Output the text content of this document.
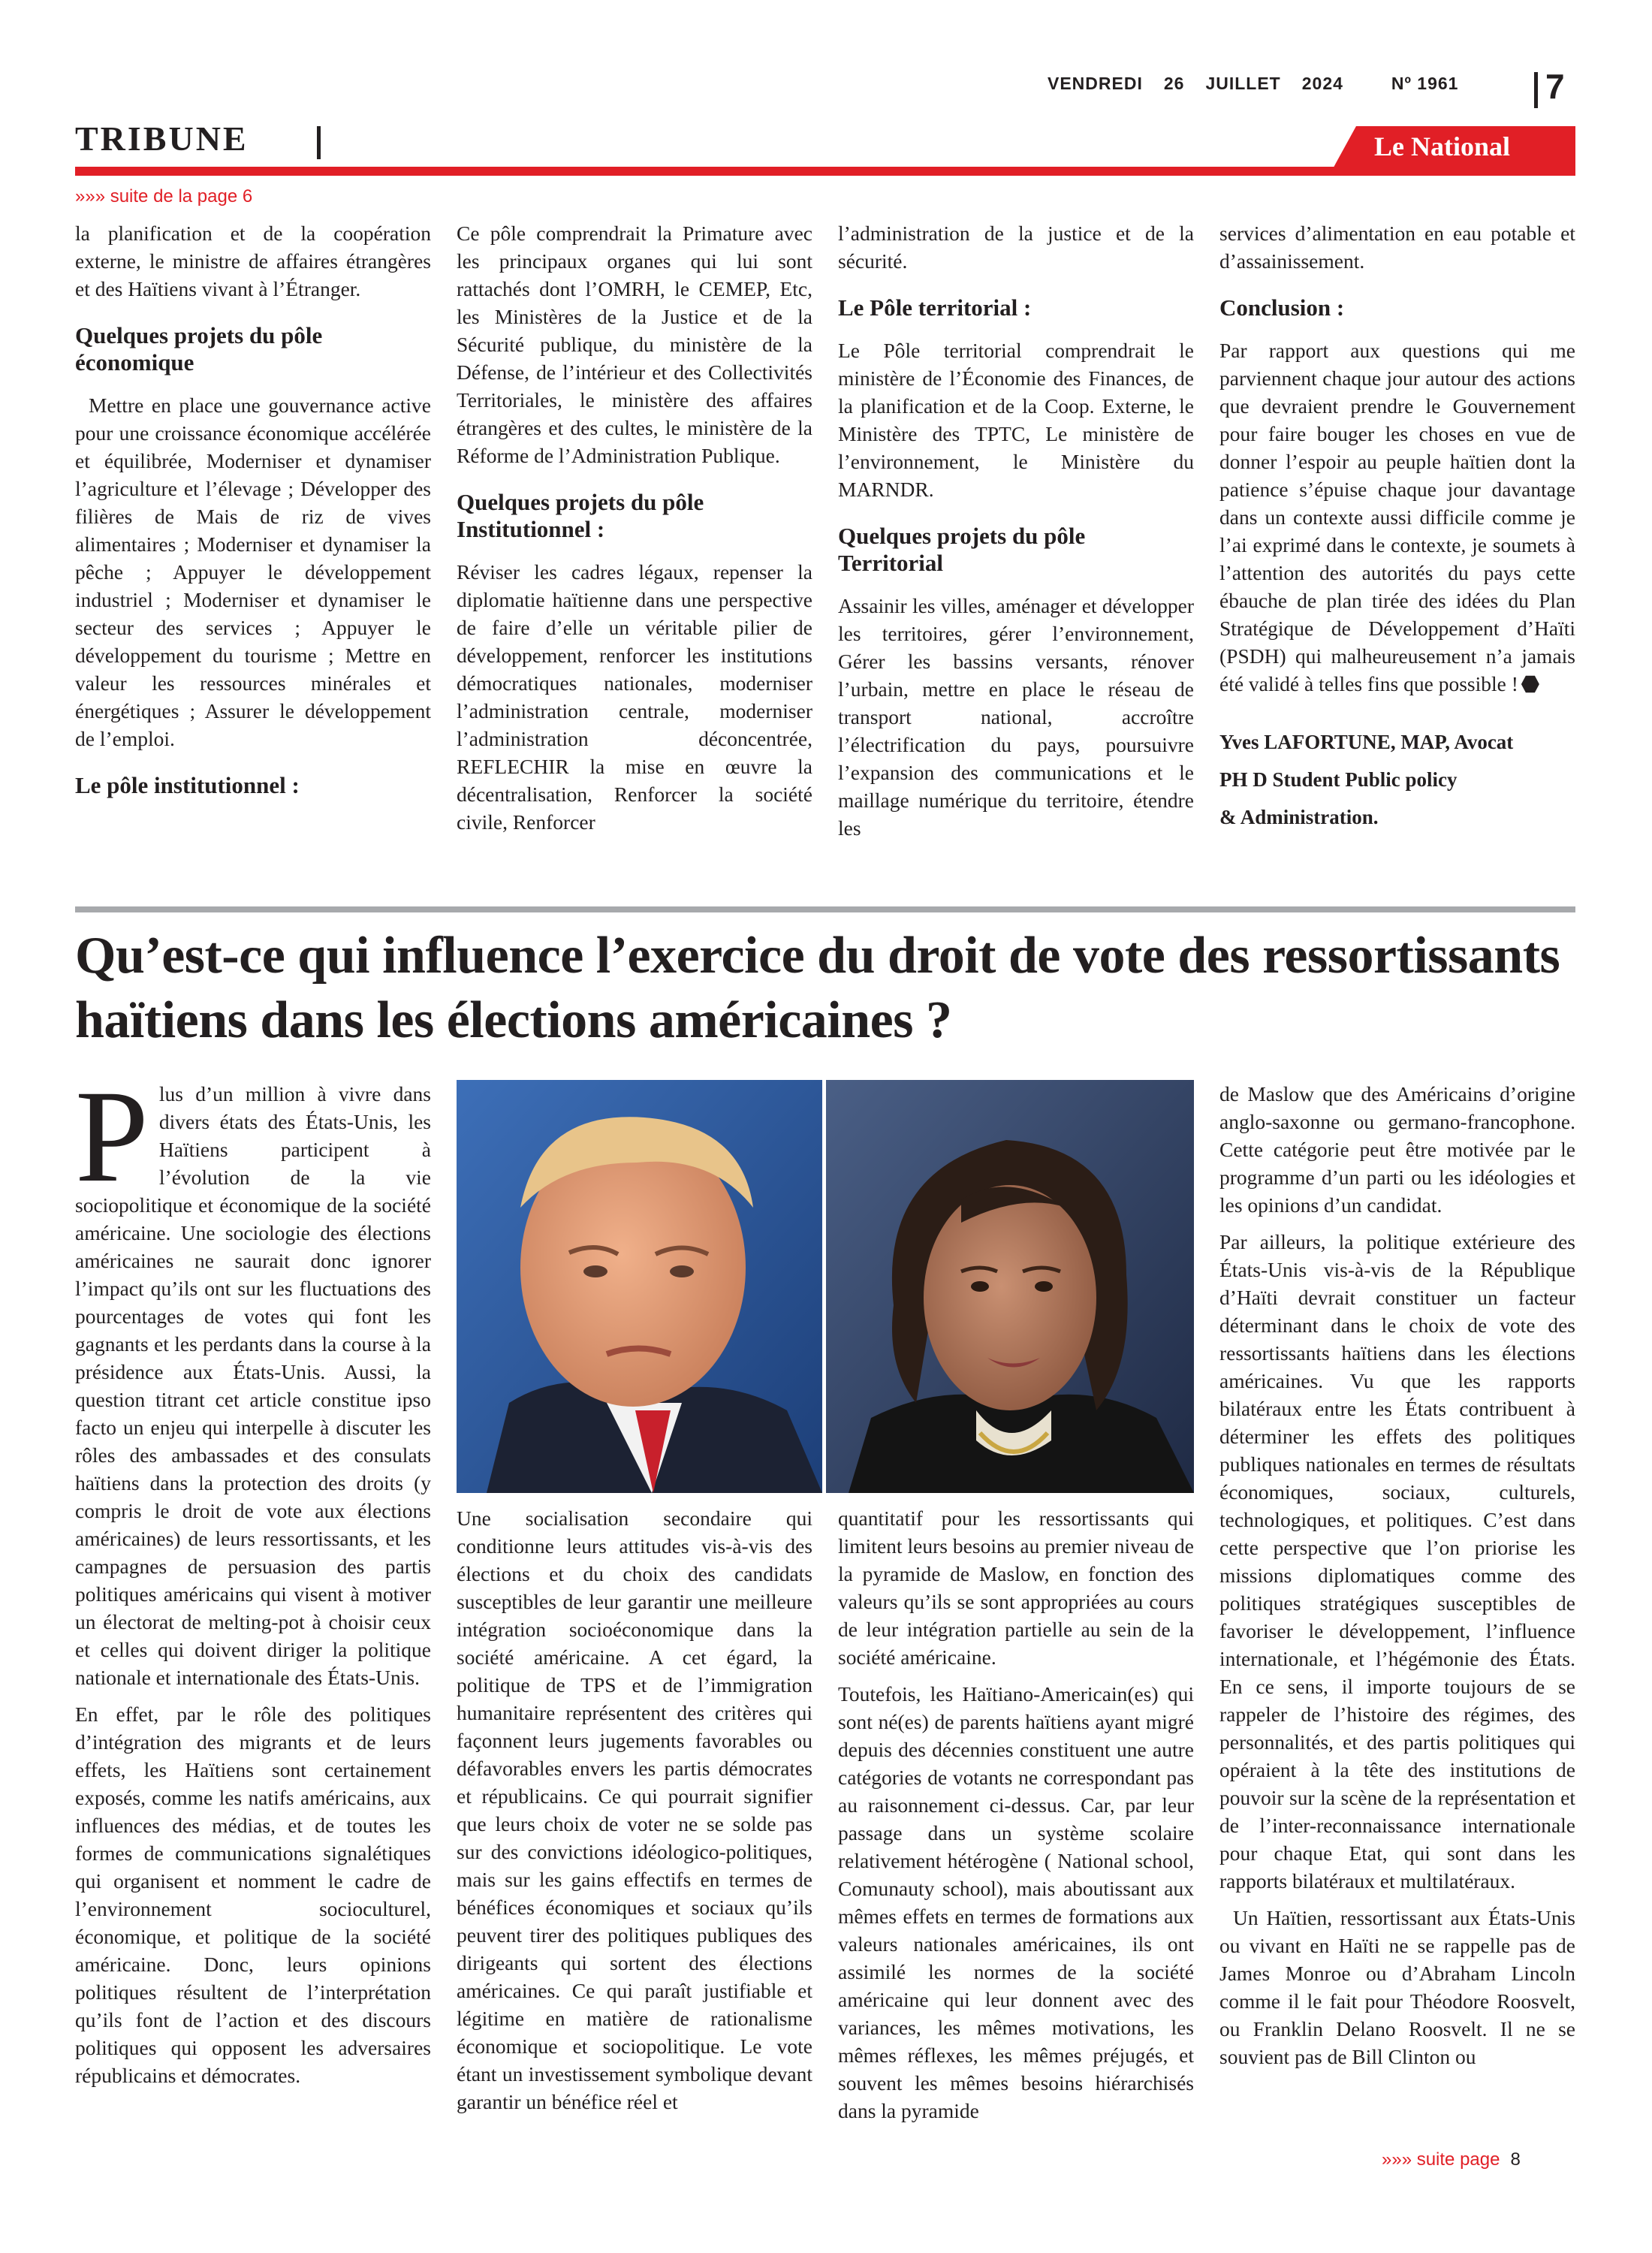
VENDREDI 26 JUILLET 2024	Nº 1961	7
TRIBUNE	Le National
»»» suite de la page 6

la planification et de la coopération externe, le ministre de affaires étrangères et des Haïtiens vivant à l’Étranger.

Quelques projets du pôle économique

Mettre en place une gouvernance active pour une croissance économique accélérée et équilibrée, Moderniser et dynamiser l’agriculture et l’élevage ; Développer des filières de Mais de riz de vives alimentaires ; Moderniser et dynamiser la pêche ; Appuyer le développement industriel ; Moderniser et dynamiser le secteur des services ; Appuyer le développement du tourisme ; Mettre en valeur les ressources minérales et énergétiques ; Assurer le développement de l’emploi.

Le pôle institutionnel :

Ce pôle comprendrait la Primature avec les principaux organes qui lui sont rattachés dont l’OMRH, le CEMEP, Etc, les Ministères de la Justice et de la Sécurité publique, du ministère de la Défense, de l’intérieur et des Collectivités Territoriales, le ministère des affaires étrangères et des cultes, le ministère de la Réforme de l’Administration Publique.

Quelques projets du pôle Institutionnel :

Réviser les cadres légaux, repenser la diplomatie haïtienne dans une perspective de faire d’elle un véritable pilier de développement, renforcer les institutions démocratiques nationales, moderniser l’administration centrale, moderniser l’administration déconcentrée, REFLECHIR la mise en œuvre la décentralisation, Renforcer la société civile, Renforcer

l’administration de la justice et de la sécurité.

Le Pôle territorial :

Le Pôle territorial comprendrait le ministère de l’Économie des Finances, de la planification et de la Coop. Externe, le Ministère des TPTC, Le ministère de l’environnement, le Ministère du MARNDR.

Quelques projets du pôle Territorial

Assainir les villes, aménager et développer les territoires, gérer l’environnement, Gérer les bassins versants, rénover l’urbain, mettre en place le réseau de transport national, accroître l’électrification du pays, poursuivre l’expansion des communications et le maillage numérique du territoire, étendre les

services d’alimentation en eau potable et d’assainissement.

Conclusion :

Par rapport aux questions qui me parviennent chaque jour autour des actions que devraient prendre le Gouvernement pour faire bouger les choses en vue de donner l’espoir au peuple haïtien dont la patience s’épuise chaque jour davantage dans un contexte aussi difficile comme je l’ai exprimé dans le contexte, je soumets à l’attention des autorités du pays cette ébauche de plan tirée des idées du Plan Stratégique de Développement d’Haïti (PSDH) qui malheureusement n’a jamais été validé à telles fins que possible !

Yves LAFORTUNE, MAP, Avocat
PH D Student Public policy
& Administration.
Qu’est-ce qui influence l’exercice du droit de vote des ressortissants haïtiens dans les élections américaines ?

Plus d’un million à vivre dans divers états des États-Unis, les Haïtiens participent à l’évolution de la vie sociopolitique et économique de la société américaine. Une sociologie des élections américaines ne saurait donc ignorer l’impact qu’ils ont sur les fluctuations des pourcentages de votes qui font les gagnants et les perdants dans la course à la présidence aux États-Unis. Aussi, la question titrant cet article constitue ipso facto un enjeu qui interpelle à discuter les rôles des ambassades et des consulats haïtiens dans la protection des droits (y compris le droit de vote aux élections américaines) de leurs ressortissants, et les campagnes de persuasion des partis politiques américains qui visent à motiver un électorat de melting-pot à choisir ceux et celles qui doivent diriger la politique nationale et internationale des États-Unis.

En effet, par le rôle des politiques d’intégration des migrants et de leurs effets, les Haïtiens sont certainement exposés, comme les natifs américains, aux influences des médias, et de toutes les formes de communications signalétiques qui organisent et nomment le cadre de l’environnement socioculturel, économique, et politique de la société américaine. Donc, leurs opinions politiques résultent de l’interprétation qu’ils font de l’action et des discours politiques qui opposent les adversaires républicains et démocrates.

Une socialisation secondaire qui conditionne leurs attitudes vis-à-vis des élections et du choix des candidats susceptibles de leur garantir une meilleure intégration socioéconomique dans la société américaine. A cet égard, la politique de TPS et de l’immigration humanitaire représentent des critères qui façonnent leurs jugements favorables ou défavorables envers les partis démocrates et républicains. Ce qui pourrait signifier que leurs choix de voter ne se solde pas sur des convictions idéologico-politiques, mais sur les gains effectifs en termes de bénéfices économiques et sociaux qu’ils peuvent tirer des politiques publiques des dirigeants qui sortent des élections américaines. Ce qui paraît justifiable et légitime en matière de rationalisme économique et sociopolitique. Le vote étant un investissement symbolique devant garantir un bénéfice réel et

quantitatif pour les ressortissants qui limitent leurs besoins au premier niveau de la pyramide de Maslow, en fonction des valeurs qu’ils se sont appropriées au cours de leur intégration partielle au sein de la société américaine.

Toutefois, les Haïtiano-Americain(es) qui sont né(es) de parents haïtiens ayant migré depuis des décennies constituent une autre catégories de votants ne correspondant pas au raisonnement ci-dessus. Car, par leur passage dans un système scolaire relativement hétérogène ( National school, Comunauty school), mais aboutissant aux mêmes effets en termes de formations aux valeurs nationales américaines, ils ont assimilé les normes de la société américaine qui leur donnent avec des variances, les mêmes motivations, les mêmes réflexes, les mêmes préjugés, et souvent les mêmes besoins hiérarchisés dans la pyramide

de Maslow que des Américains d’origine anglo-saxonne ou germano-francophone. Cette catégorie peut être motivée par le programme d’un parti ou les idéologies et les opinions d’un candidat.

Par ailleurs, la politique extérieure des États-Unis vis-à-vis de la République d’Haïti devrait constituer un facteur déterminant dans le choix de vote des ressortissants haïtiens dans les élections américaines. Vu que les rapports bilatéraux entre les États contribuent à déterminer les effets des politiques publiques nationales en termes de résultats économiques, sociaux, culturels, technologiques, et politiques. C’est dans cette perspective que l’on priorise les missions diplomatiques comme des politiques stratégiques susceptibles de favoriser le développement, l’influence internationale, et l’hégémonie des États. En ce sens, il importe toujours de se rappeler de l’histoire des régimes, des personnalités, et des partis politiques qui opéraient à la tête des institutions de pouvoir sur la scène de la représentation et de l’inter-reconnaissance internationale pour chaque Etat, qui sont dans les rapports bilatéraux et multilatéraux.

Un Haïtien, ressortissant aux États-Unis ou vivant en Haïti ne se rappelle pas de James Monroe ou d’Abraham Lincoln comme il le fait pour Théodore Roosvelt, ou Franklin Delano Roosvelt. Il ne se souvient pas de Bill Clinton ou

»»» suite page 8
